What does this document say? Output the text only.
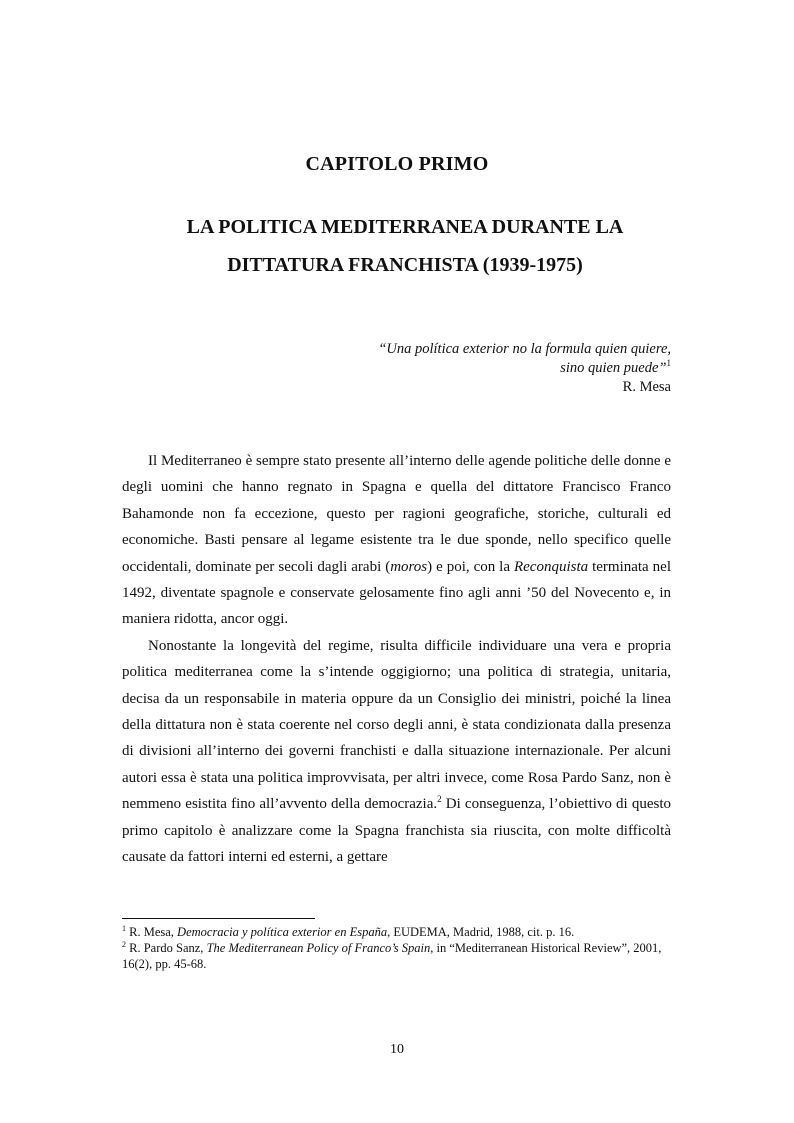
CAPITOLO PRIMO
LA POLITICA MEDITERRANEA DURANTE LA
DITTATURA FRANCHISTA (1939-1975)
“Una política exterior no la formula quien quiere,
sino quien puede”$^1$
R. Mesa

Il Mediterraneo è sempre stato presente all’interno delle agende politiche delle donne e degli uomini che hanno regnato in Spagna e quella del dittatore Francisco Franco Bahamonde non fa eccezione, questo per ragioni geografiche, storiche, culturali ed economiche. Basti pensare al legame esistente tra le due sponde, nello specifico quelle occidentali, dominate per secoli dagli arabi (moros) e poi, con la Reconquista terminata nel 1492, diventate spagnole e conservate gelosamente fino agli anni ’50 del Novecento e, in maniera ridotta, ancor oggi.

Nonostante la longevità del regime, risulta difficile individuare una vera e propria politica mediterranea come la s’intende oggigiorno; una politica di strategia, unitaria, decisa da un responsabile in materia oppure da un Consiglio dei ministri, poiché la linea della dittatura non è stata coerente nel corso degli anni, è stata condizionata dalla presenza di divisioni all’interno dei governi franchisti e dalla situazione internazionale. Per alcuni autori essa è stata una politica improvvisata, per altri invece, come Rosa Pardo Sanz, non è nemmeno esistita fino all’avvento della democrazia.$^2$ Di conseguenza, l’obiettivo di questo primo capitolo è analizzare come la Spagna franchista sia riuscita, con molte difficoltà causate da fattori interni ed esterni, a gettare

$^1$ R. Mesa, Democracia y política exterior en España, EUDEMA, Madrid, 1988, cit. p. 16.

$^2$ R. Pardo Sanz, The Mediterranean Policy of Franco’s Spain, in “Mediterranean Historical Review”, 2001, 16(2), pp. 45-68.

10
